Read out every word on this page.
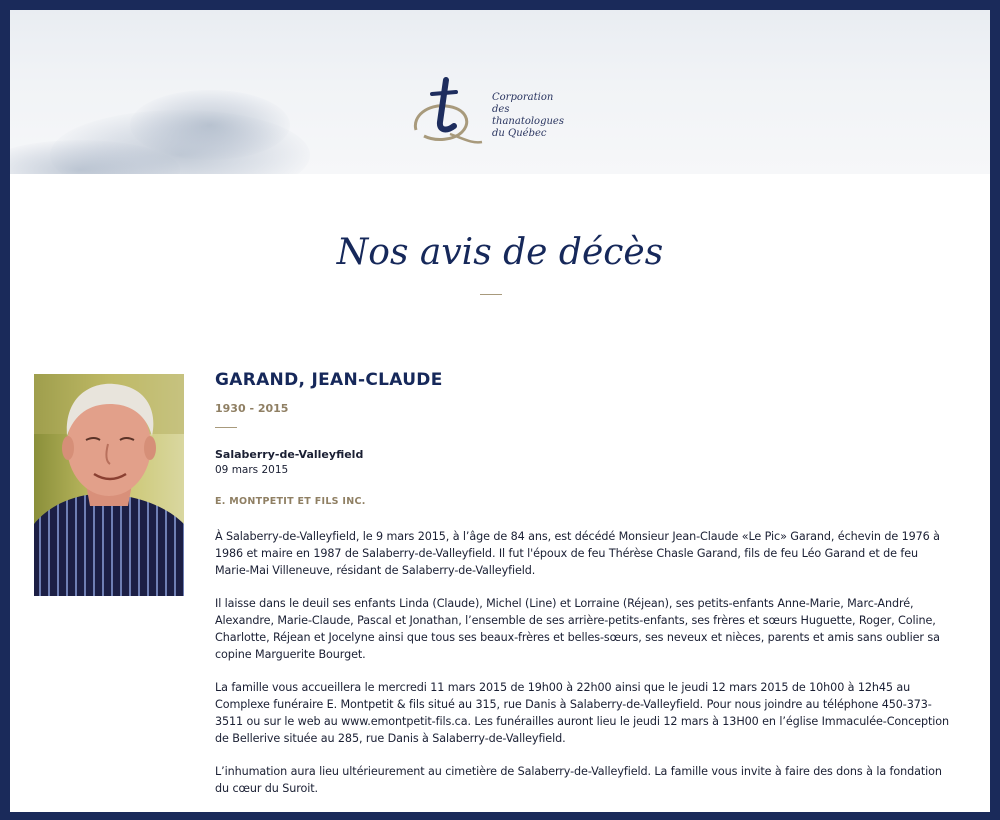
Corporation
des thanatologues
du Québec
Nos avis de décès
GARAND, JEAN-CLAUDE
1930 - 2015
Salaberry-de-Valleyfield
09 mars 2015
E. MONTPETIT ET FILS INC.

À Salaberry-de-Valleyfield, le 9 mars 2015, à l’âge de 84 ans, est décédé Monsieur Jean-Claude «Le Pic» Garand, échevin de 1976 à 1986 et maire en 1987 de Salaberry-de-Valleyfield. Il fut l'époux de feu Thérèse Chasle Garand, fils de feu Léo Garand et de feu Marie-Mai Villeneuve, résidant de Salaberry-de-Valleyfield.

Il laisse dans le deuil ses enfants Linda (Claude), Michel (Line) et Lorraine (Réjean), ses petits-enfants Anne-Marie, Marc-André, Alexandre, Marie-Claude, Pascal et Jonathan, l’ensemble de ses arrière-petits-enfants, ses frères et sœurs Huguette, Roger, Coline, Charlotte, Réjean et Jocelyne ainsi que tous ses beaux-frères et belles-sœurs, ses neveux et nièces, parents et amis sans oublier sa copine Marguerite Bourget.

La famille vous accueillera le mercredi 11 mars 2015 de 19h00 à 22h00 ainsi que le jeudi 12 mars 2015 de 10h00 à 12h45 au Complexe funéraire E. Montpetit & fils situé au 315, rue Danis à Salaberry-de-Valleyfield. Pour nous joindre au téléphone 450-373-3511 ou sur le web au www.emontpetit-fils.ca. Les funérailles auront lieu le jeudi 12 mars à 13H00 en l’église Immaculée-Conception de Bellerive située au 285, rue Danis à Salaberry-de-Valleyfield.

L’inhumation aura lieu ultérieurement au cimetière de Salaberry-de-Valleyfield. La famille vous invite à faire des dons à la fondation du cœur du Suroit.
